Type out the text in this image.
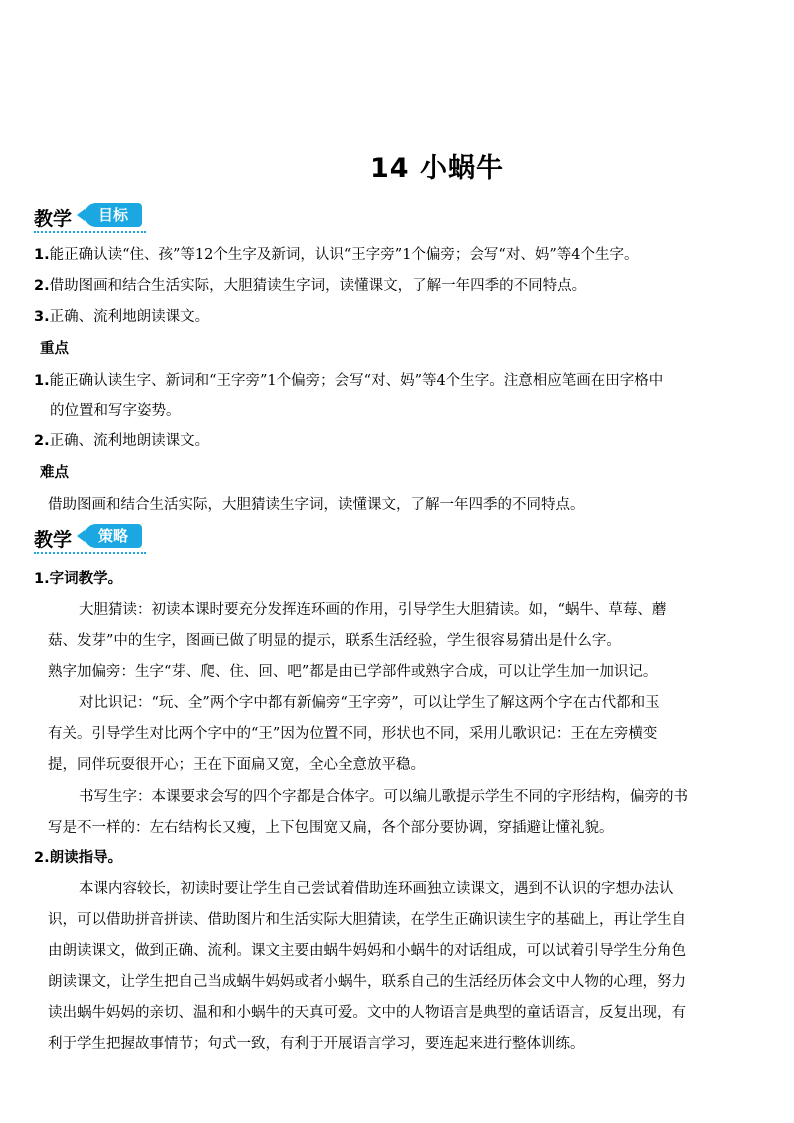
14 小蜗牛
教学	目标
1.能正确认读“住、孩”等12个生字及新词，认识“王字旁”1个偏旁；会写“对、妈”等4个生字。
2.借助图画和结合生活实际，大胆猜读生字词，读懂课文，了解一年四季的不同特点。
3.正确、流利地朗读课文。
重点
1.能正确认读生字、新词和“王字旁”1个偏旁；会写“对、妈”等4个生字。注意相应笔画在田字格中
的位置和写字姿势。
2.正确、流利地朗读课文。
难点
借助图画和结合生活实际，大胆猜读生字词，读懂课文，了解一年四季的不同特点。
教学	策略
1.字词教学。
大胆猜读：初读本课时要充分发挥连环画的作用，引导学生大胆猜读。如，“蜗牛、草莓、蘑
菇、发芽”中的生字，图画已做了明显的提示，联系生活经验，学生很容易猜出是什么字。
熟字加偏旁：生字“芽、爬、住、回、吧”都是由已学部件或熟字合成，可以让学生加一加识记。
对比识记：“玩、全”两个字中都有新偏旁“王字旁”，可以让学生了解这两个字在古代都和玉
有关。引导学生对比两个字中的“王”因为位置不同，形状也不同，采用儿歌识记：王在左旁横变
提，同伴玩耍很开心；王在下面扁又宽，全心全意放平稳。
书写生字：本课要求会写的四个字都是合体字。可以编儿歌提示学生不同的字形结构，偏旁的书
写是不一样的：左右结构长又瘦，上下包围宽又扁，各个部分要协调，穿插避让懂礼貌。
2.朗读指导。
本课内容较长，初读时要让学生自己尝试着借助连环画独立读课文，遇到不认识的字想办法认
识，可以借助拼音拼读、借助图片和生活实际大胆猜读，在学生正确识读生字的基础上，再让学生自
由朗读课文，做到正确、流利。课文主要由蜗牛妈妈和小蜗牛的对话组成，可以试着引导学生分角色
朗读课文，让学生把自己当成蜗牛妈妈或者小蜗牛，联系自己的生活经历体会文中人物的心理，努力
读出蜗牛妈妈的亲切、温和和小蜗牛的天真可爱。文中的人物语言是典型的童话语言，反复出现，有
利于学生把握故事情节；句式一致，有利于开展语言学习，要连起来进行整体训练。
